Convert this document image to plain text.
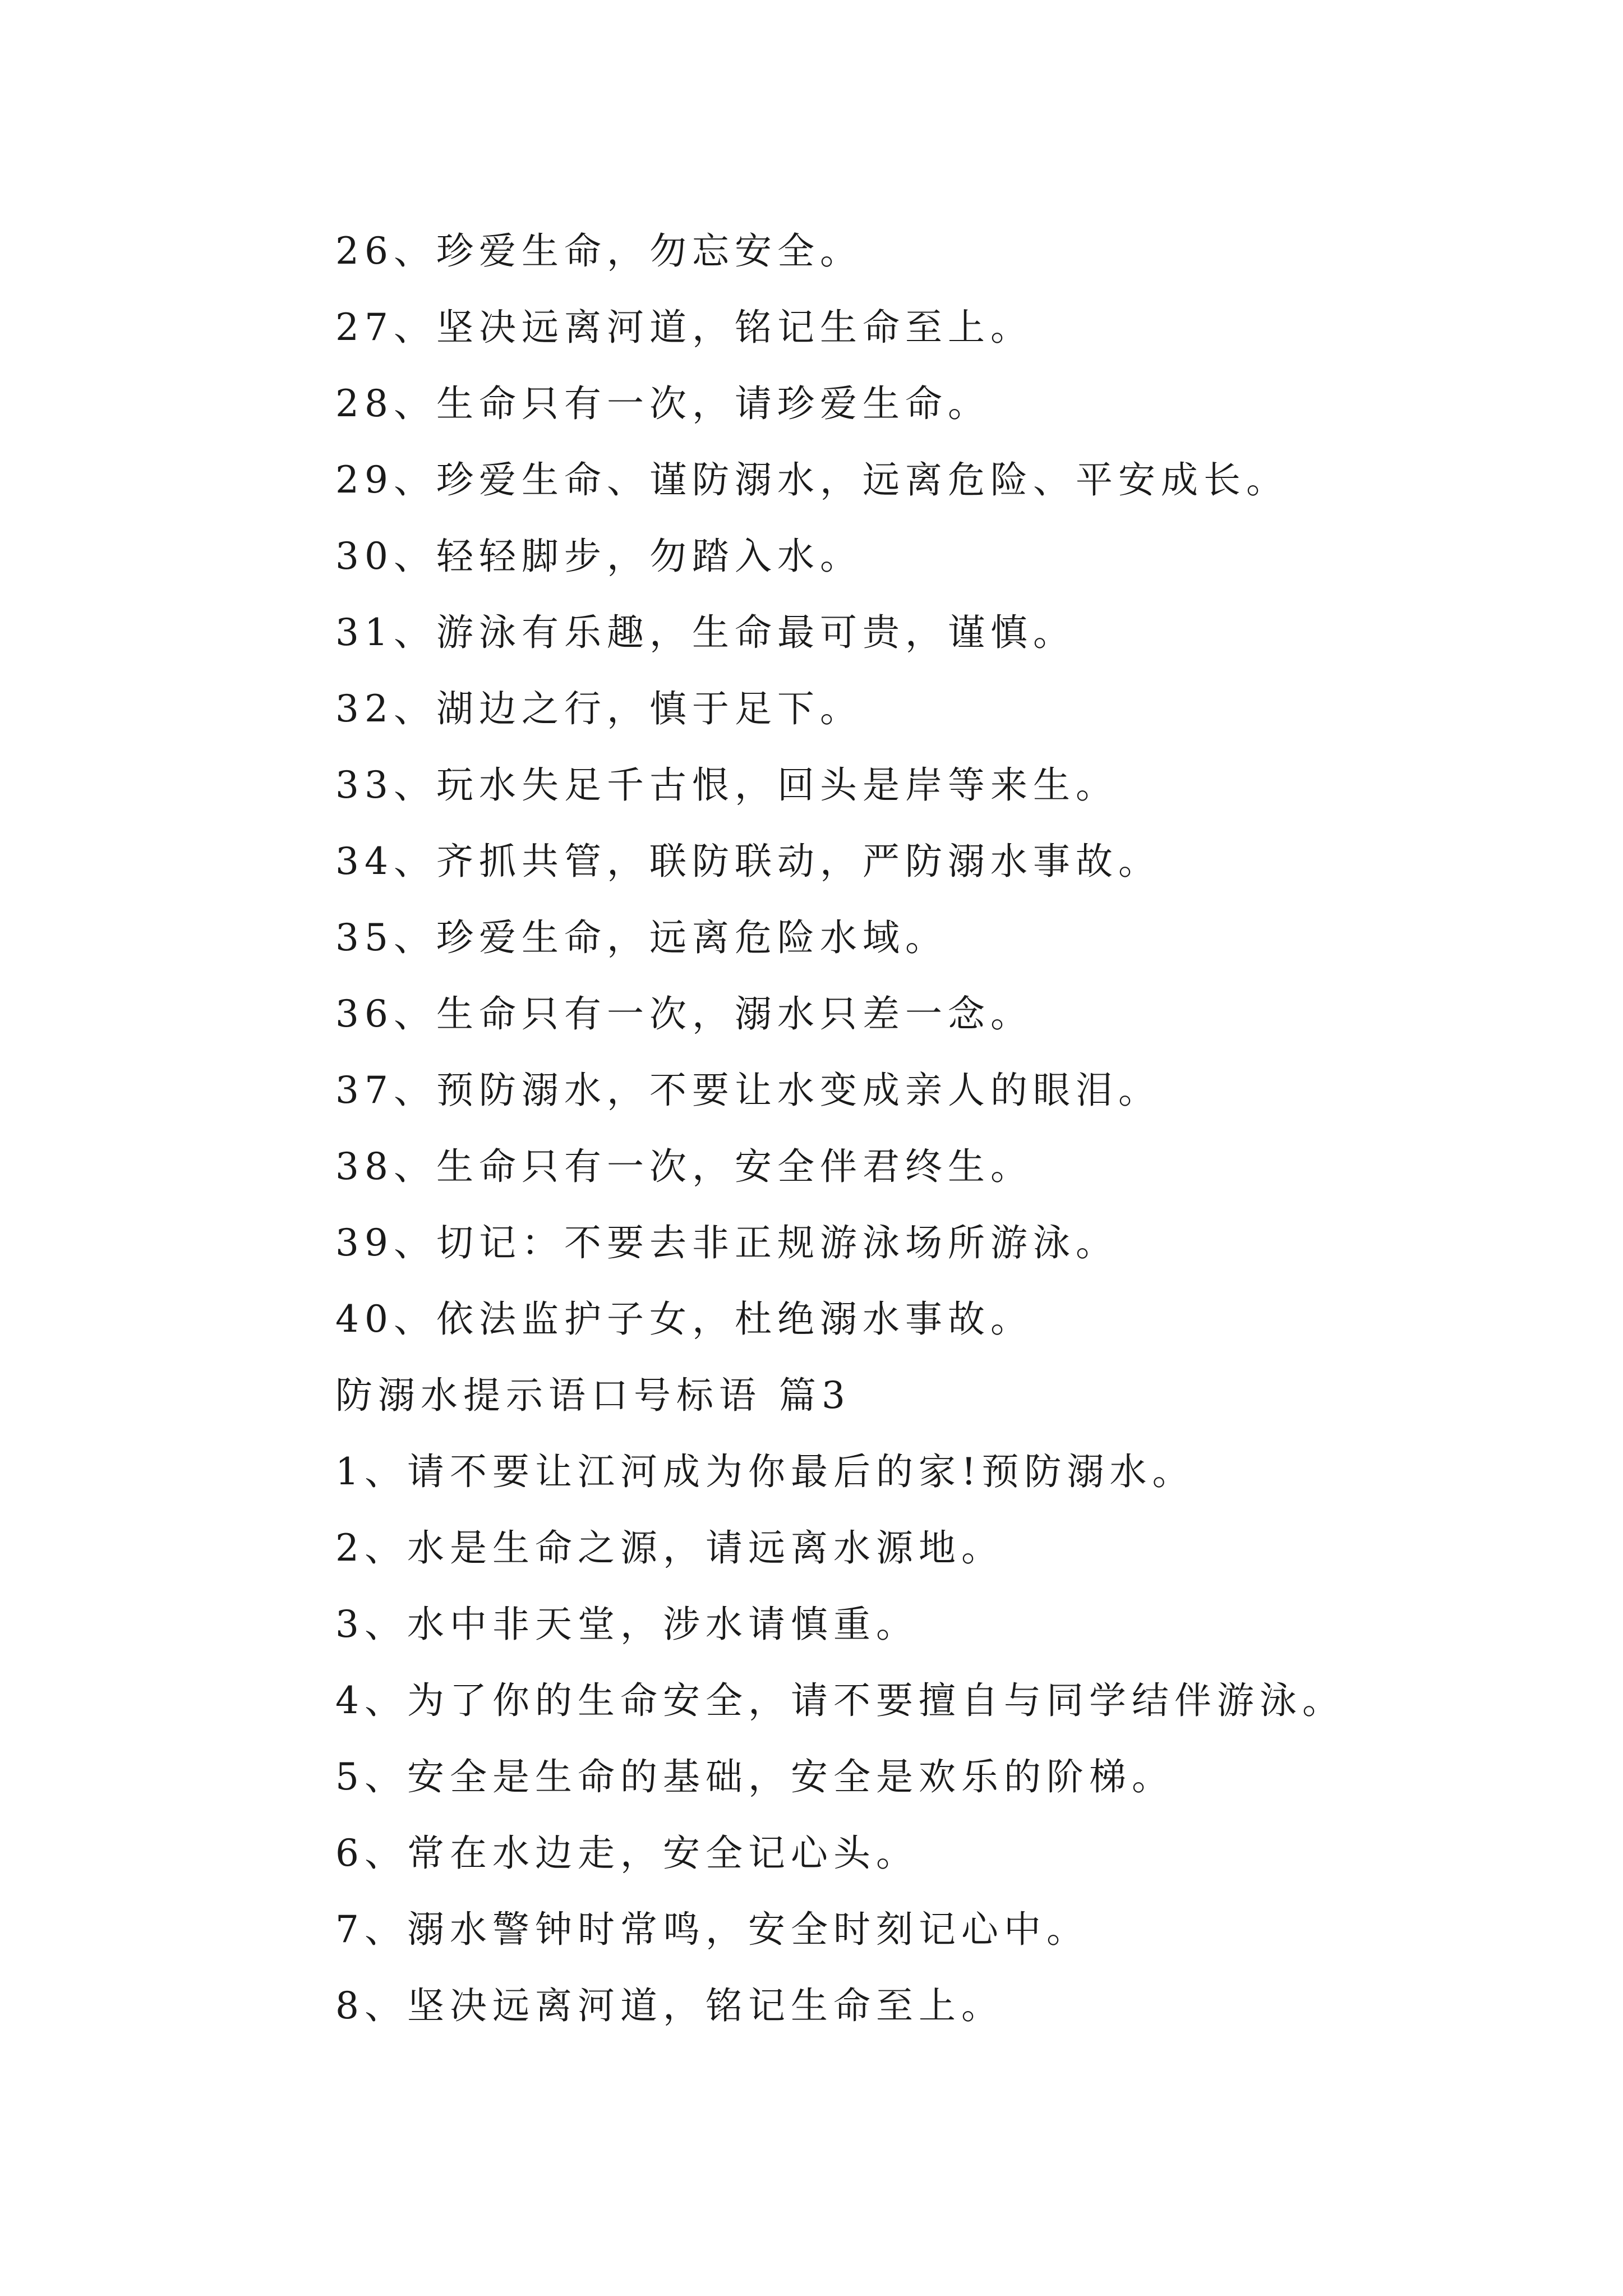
26、珍爱生命，勿忘安全。
27、坚决远离河道，铭记生命至上。
28、生命只有一次，请珍爱生命。
29、珍爱生命、谨防溺水，远离危险、平安成长。
30、轻轻脚步，勿踏入水。
31、游泳有乐趣，生命最可贵，谨慎。
32、湖边之行，慎于足下。
33、玩水失足千古恨，回头是岸等来生。
34、齐抓共管，联防联动，严防溺水事故。
35、珍爱生命，远离危险水域。
36、生命只有一次，溺水只差一念。
37、预防溺水，不要让水变成亲人的眼泪。
38、生命只有一次，安全伴君终生。
39、切记：不要去非正规游泳场所游泳。
40、依法监护子女，杜绝溺水事故。
防溺水提示语口号标语 篇3
1、请不要让江河成为你最后的家!预防溺水。
2、水是生命之源，请远离水源地。
3、水中非天堂，涉水请慎重。
4、为了你的生命安全，请不要擅自与同学结伴游泳。
5、安全是生命的基础，安全是欢乐的阶梯。
6、常在水边走，安全记心头。
7、溺水警钟时常鸣，安全时刻记心中。
8、坚决远离河道，铭记生命至上。
